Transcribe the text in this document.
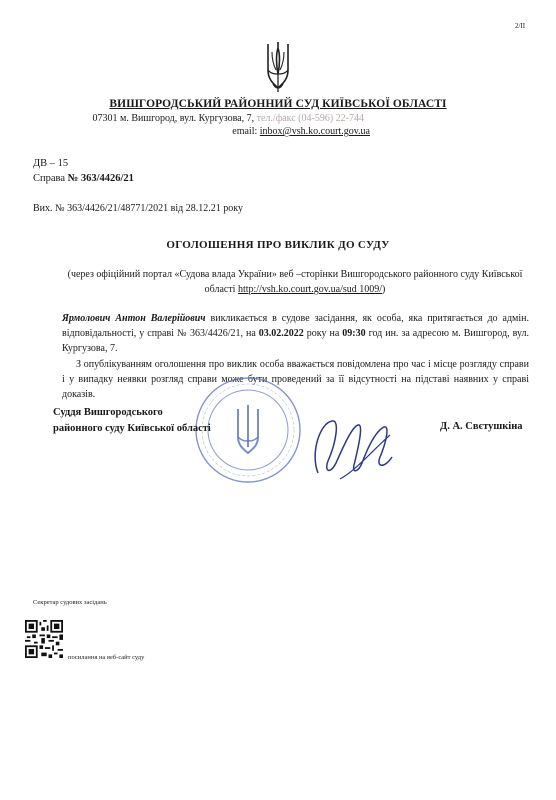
2/II
ВИШГОРОДСЬКИЙ РАЙОННИЙ СУД КИЇВСЬКОЇ ОБЛАСТІ
07301 м. Вишгород, вул. Кургузова, 7, тел./факс (04-596) 22-744
email: inbox@vsh.ko.court.gov.ua
ДВ – 15
Справа № 363/4426/21
Вих. № 363/4426/21/48771/2021 від 28.12.21 року
ОГОЛОШЕННЯ ПРО ВИКЛИК ДО СУДУ
(через офіційний портал «Судова влада України» веб –сторінки Вишгородського районного суду Київської області http://vsh.ko.court.gov.ua/sud 1009/)
Ярмолович Антон Валерійович викликається в судове засідання, як особа, яка притягається до адмін. відповідальності, у справі № 363/4426/21, на 03.02.2022 року на 09:30 год ин. за адресою м. Вишгород, вул. Кургузова, 7.
З опублікуванням оголошення про виклик особа вважається повідомлена про час і місце розгляду справи і у випадку неявки розгляд справи може бути проведений за її відсутності на підставі наявних у справі доказів.
Суддя Вишгородського
районного суду Київської області	Д. А. Свєтушкіна
Секретар судових засідань
посилання на веб-сайт суду
